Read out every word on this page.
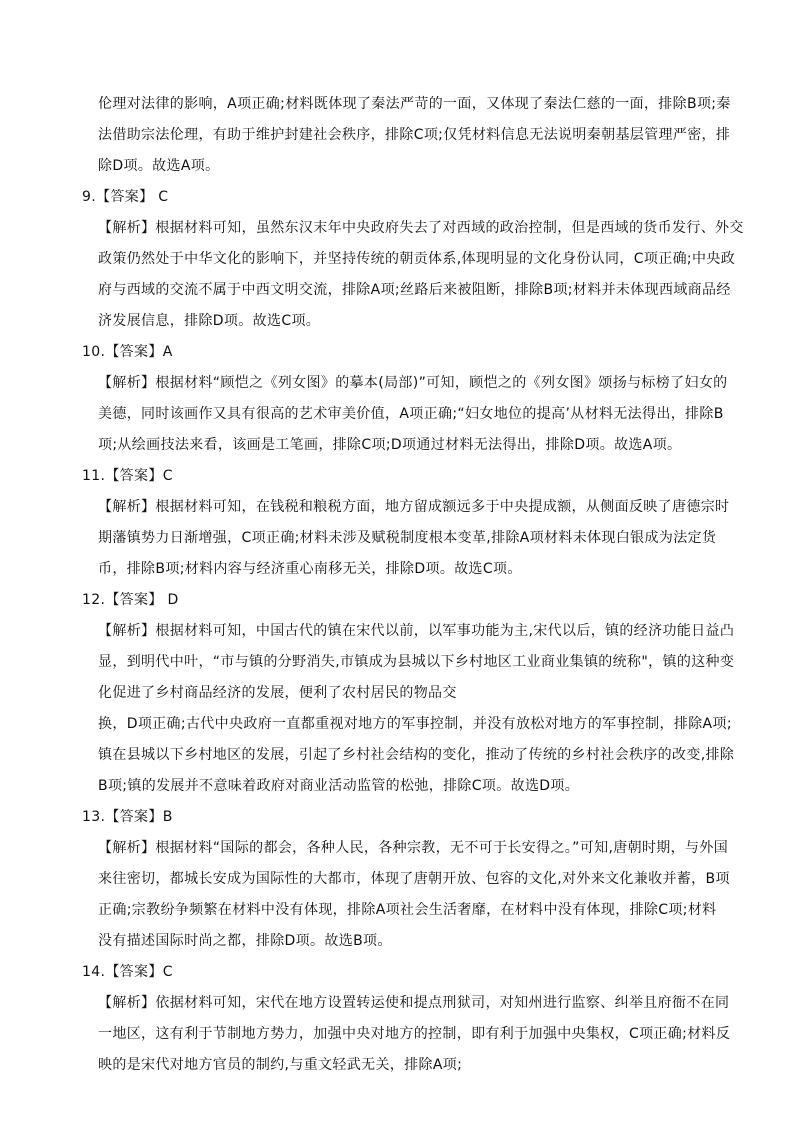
伦理对法律的影响，A项正确;材料既体现了秦法严苛的一面，又体现了秦法仁慈的一面，排除B项;秦
法借助宗法伦理，有助于维护封建社会秩序，排除C项;仅凭材料信息无法说明秦朝基层管理严密，排
除D项。故选A项。
9.【答案】 C
【解析】根据材料可知，虽然东汉末年中央政府失去了对西域的政治控制，但是西域的货币发行、外交
政策仍然处于中华文化的影响下，并坚持传统的朝贡体系,体现明显的文化身份认同，C项正确;中央政
府与西域的交流不属于中西文明交流，排除A项;丝路后来被阻断，排除B项;材料并未体现西域商品经
济发展信息，排除D项。故选C项。
10.【答案】A
【解析】根据材料“顾恺之《列女图》的摹本(局部)”可知，顾恺之的《列女图》颂扬与标榜了妇女的
美德，同时该画作又具有很高的艺术审美价值，A项正确;“妇女地位的提高’从材料无法得出，排除B
项;从绘画技法来看，该画是工笔画，排除C项;D项通过材料无法得出，排除D项。故选A项。
11.【答案】C
【解析】根据材料可知，在钱税和粮税方面，地方留成额远多于中央提成额，从侧面反映了唐德宗时
期藩镇势力日渐增强，C项正确;材料未涉及赋税制度根本变革,排除A项材料未体现白银成为法定货
币，排除B项;材料内容与经济重心南移无关，排除D项。故选C项。
12.【答案】 D
【解析】根据材料可知，中国古代的镇在宋代以前，以军事功能为主,宋代以后，镇的经济功能日益凸
显，到明代中叶，“市与镇的分野消失,市镇成为县城以下乡村地区工业商业集镇的统称"，镇的这种变
化促进了乡村商品经济的发展，便利了农村居民的物品交
换，D项正确;古代中央政府一直都重视对地方的军事控制，并没有放松对地方的军事控制，排除A项;
镇在县城以下乡村地区的发展，引起了乡村社会结构的变化，推动了传统的乡村社会秩序的改变,排除
B项;镇的发展并不意味着政府对商业活动监管的松弛，排除C项。故选D项。
13.【答案】B
【解析】根据材料“国际的都会，各种人民，各种宗教，无不可于长安得之。”可知,唐朝时期，与外国
来往密切，都城长安成为国际性的大都市，体现了唐朝开放、包容的文化,对外来文化兼收并蓄，B项
正确;宗教纷争频繁在材料中没有体现，排除A项社会生活奢靡，在材料中没有体现，排除C项;材料
没有描述国际时尚之都，排除D项。故选B项。
14.【答案】C
【解析】依据材料可知，宋代在地方设置转运使和提点刑狱司，对知州进行监察、纠举且府衙不在同
一地区，这有利于节制地方势力，加强中央对地方的控制，即有利于加强中央集权，C项正确;材料反
映的是宋代对地方官员的制约,与重文轻武无关，排除A项;
